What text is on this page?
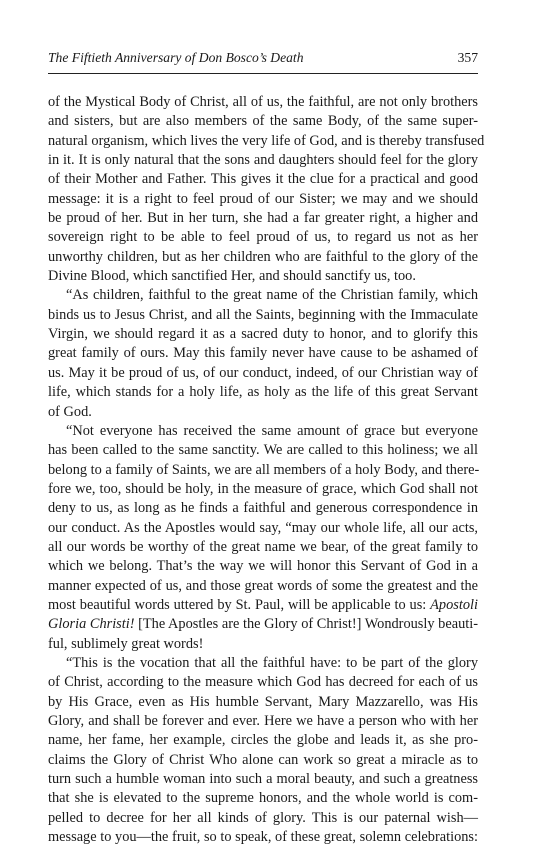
The Fiftieth Anniversary of Don Bosco’s Death	357

of the Mystical Body of Christ, all of us, the faithful, are not only brothers
and sisters, but are also members of the same Body, of the same super-
natural organism, which lives the very life of God, and is thereby transfused
in it. It is only natural that the sons and daughters should feel for the glory
of their Mother and Father. This gives it the clue for a practical and good
message: it is a right to feel proud of our Sister; we may and we should
be proud of her. But in her turn, she had a far greater right, a higher and
sovereign right to be able to feel proud of us, to regard us not as her
unworthy children, but as her children who are faithful to the glory of the
Divine Blood, which sanctified Her, and should sanctify us, too.

“As children, faithful to the great name of the Christian family, which
binds us to Jesus Christ, and all the Saints, beginning with the Immaculate
Virgin, we should regard it as a sacred duty to honor, and to glorify this
great family of ours. May this family never have cause to be ashamed of
us. May it be proud of us, of our conduct, indeed, of our Christian way of
life, which stands for a holy life, as holy as the life of this great Servant
of God.

“Not everyone has received the same amount of grace but everyone
has been called to the same sanctity. We are called to this holiness; we all
belong to a family of Saints, we are all members of a holy Body, and there-
fore we, too, should be holy, in the measure of grace, which God shall not
deny to us, as long as he finds a faithful and generous correspondence in
our conduct. As the Apostles would say, “may our whole life, all our acts,
all our words be worthy of the great name we bear, of the great family to
which we belong. That’s the way we will honor this Servant of God in a
manner expected of us, and those great words of some the greatest and the
most beautiful words uttered by St. Paul, will be applicable to us: Apostoli
Gloria Christi! [The Apostles are the Glory of Christ!] Wondrously beauti-
ful, sublimely great words!

“This is the vocation that all the faithful have: to be part of the glory
of Christ, according to the measure which God has decreed for each of us
by His Grace, even as His humble Servant, Mary Mazzarello, was His
Glory, and shall be forever and ever. Here we have a person who with her
name, her fame, her example, circles the globe and leads it, as she pro-
claims the Glory of Christ Who alone can work so great a miracle as to
turn such a humble woman into such a moral beauty, and such a greatness
that she is elevated to the supreme honors, and the whole world is com-
pelled to decree for her all kinds of glory. This is our paternal wish—
message to you—the fruit, so to speak, of these great, solemn celebrations:
